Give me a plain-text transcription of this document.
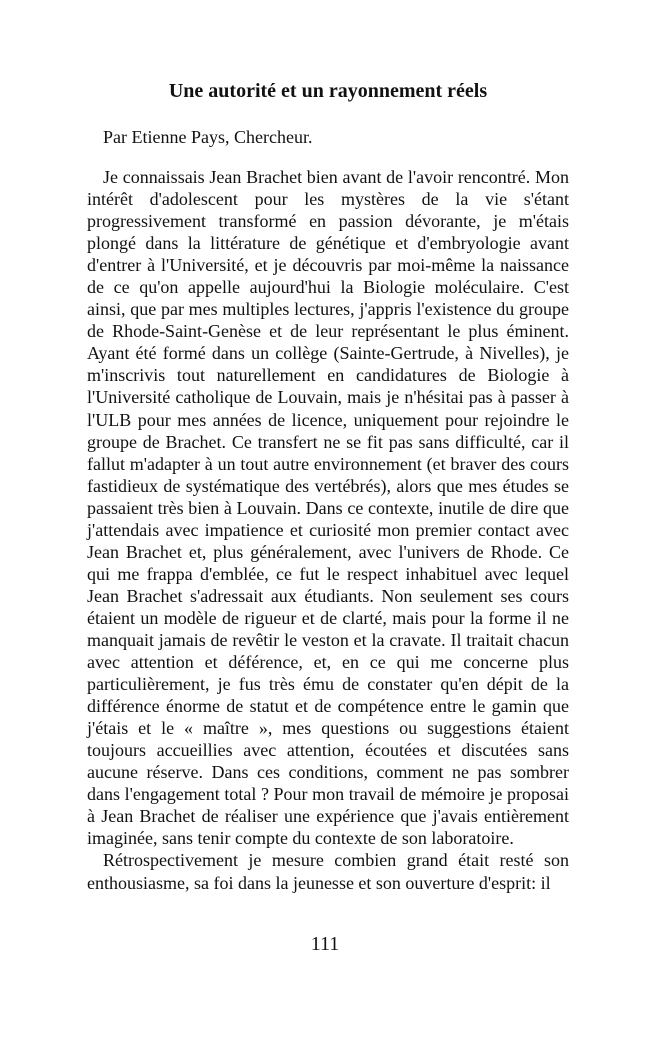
Une autorité et un rayonnement réels

Par Etienne Pays, Chercheur.

Je connaissais Jean Brachet bien avant de l'avoir rencontré. Mon intérêt d'adolescent pour les mystères de la vie s'étant progressivement transformé en passion dévorante, je m'étais plongé dans la littérature de génétique et d'embryologie avant d'entrer à l'Université, et je découvris par moi-même la naissance de ce qu'on appelle aujourd'hui la Biologie moléculaire. C'est ainsi, que par mes multiples lectures, j'appris l'existence du groupe de Rhode-Saint-Genèse et de leur représentant le plus éminent. Ayant été formé dans un collège (Sainte-Gertrude, à Nivelles), je m'inscrivis tout naturellement en candidatures de Biologie à l'Université catholique de Louvain, mais je n'hésitai pas à passer à l'ULB pour mes années de licence, uniquement pour rejoindre le groupe de Brachet. Ce transfert ne se fit pas sans difficulté, car il fallut m'adapter à un tout autre environnement (et braver des cours fastidieux de systématique des vertébrés), alors que mes études se passaient très bien à Louvain. Dans ce contexte, inutile de dire que j'attendais avec impatience et curiosité mon premier contact avec Jean Brachet et, plus généralement, avec l'univers de Rhode. Ce qui me frappa d'emblée, ce fut le respect inhabituel avec lequel Jean Brachet s'adressait aux étudiants. Non seulement ses cours étaient un modèle de rigueur et de clarté, mais pour la forme il ne manquait jamais de revêtir le veston et la cravate. Il traitait chacun avec attention et déférence, et, en ce qui me concerne plus particulièrement, je fus très ému de constater qu'en dépit de la différence énorme de statut et de compétence entre le gamin que j'étais et le « maître », mes questions ou suggestions étaient toujours accueillies avec attention, écoutées et discutées sans aucune réserve. Dans ces conditions, comment ne pas sombrer dans l'engagement total ? Pour mon travail de mémoire je proposai à Jean Brachet de réaliser une expérience que j'avais entièrement imaginée, sans tenir compte du contexte de son laboratoire.

Rétrospectivement je mesure combien grand était resté son enthousiasme, sa foi dans la jeunesse et son ouverture d'esprit: il

111
